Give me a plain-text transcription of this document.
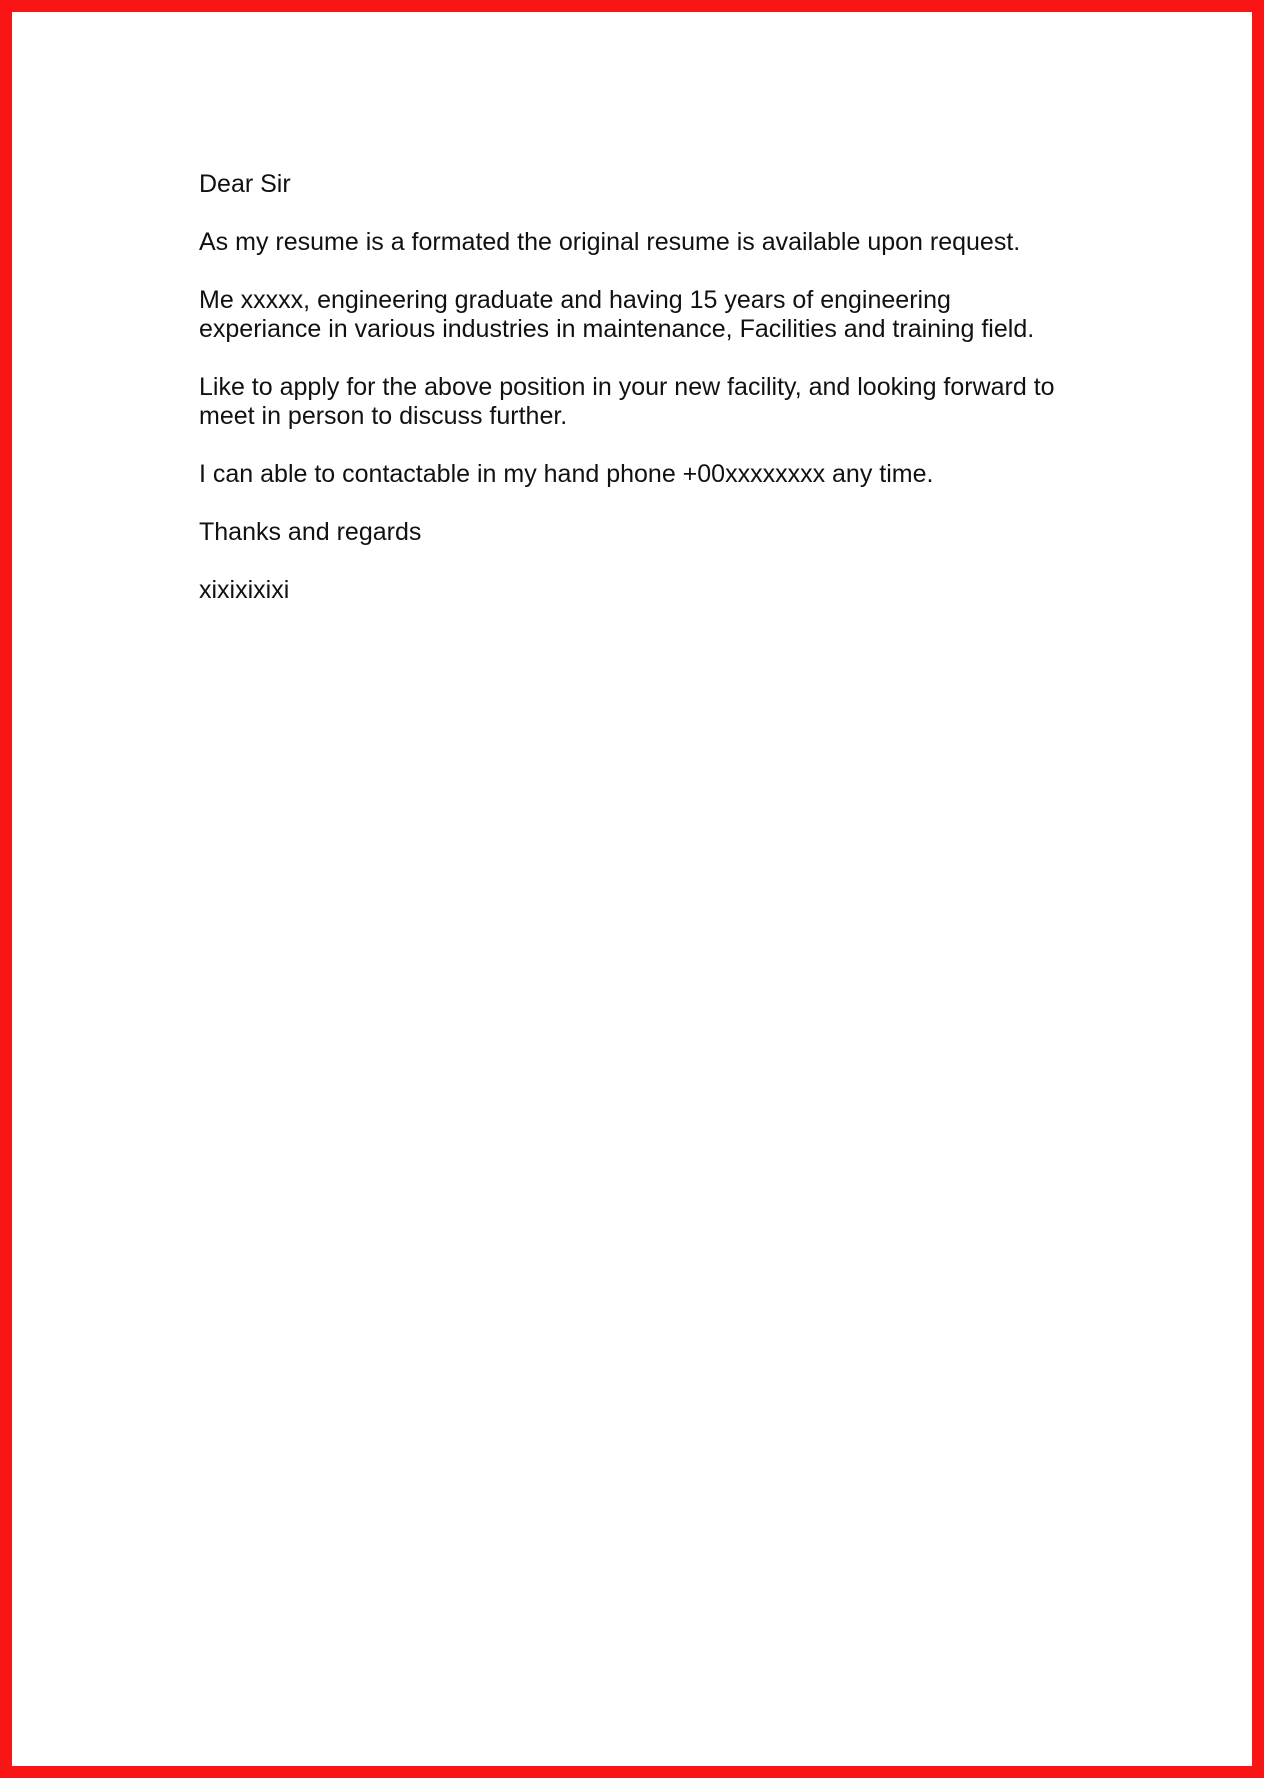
Dear Sir

As my resume is a formated the original resume is available upon request.

Me xxxxx, engineering graduate and having 15 years of engineering
experiance in various industries in maintenance, Facilities and training field.

Like to apply for the above position in your new facility, and looking forward to
meet in person to discuss further.

I can able to contactable in my hand phone +00xxxxxxxx any time.

Thanks and regards

xixixixixi
